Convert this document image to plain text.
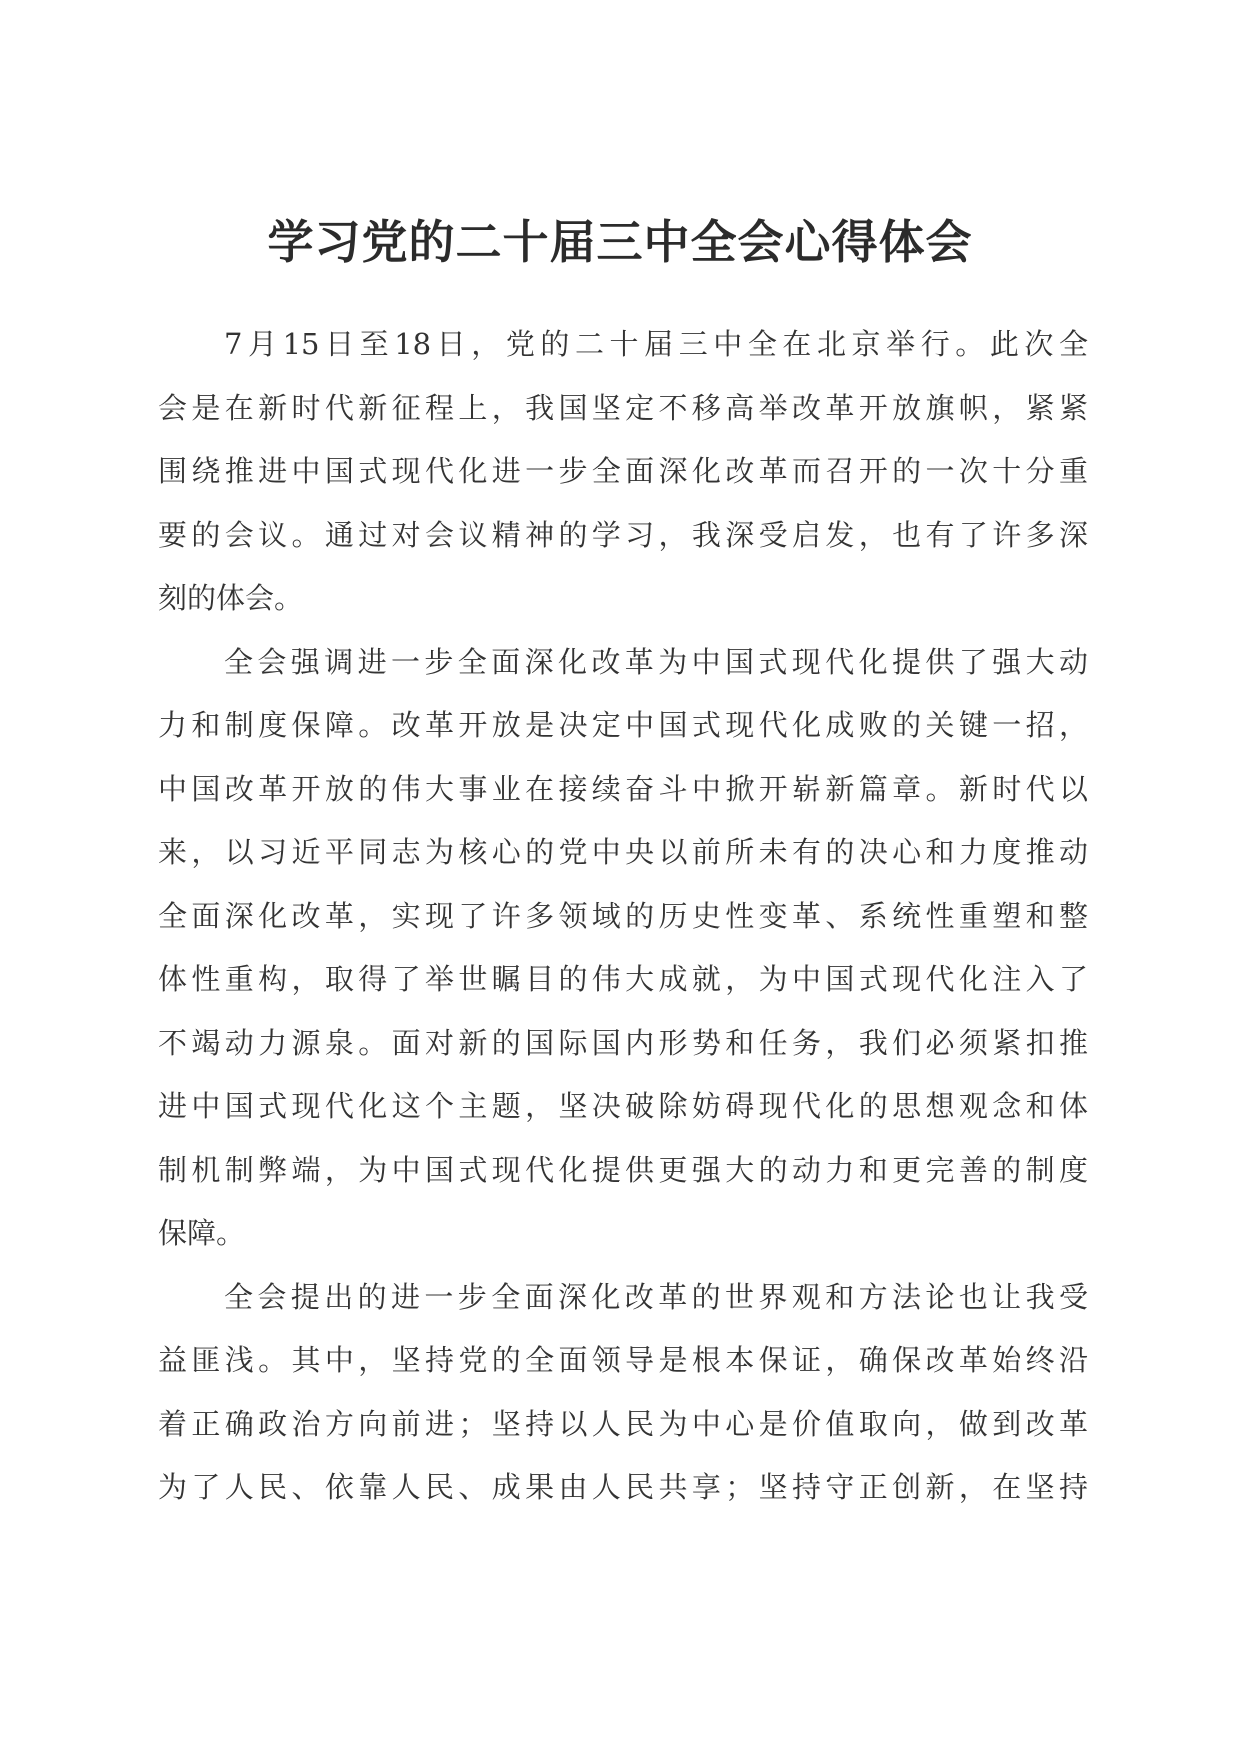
学习党的二十届三中全会心得体会
7月15日至18日，党的二十届三中全在北京举行。此次全
会是在新时代新征程上，我国坚定不移高举改革开放旗帜，紧紧
围绕推进中国式现代化进一步全面深化改革而召开的一次十分重
要的会议。通过对会议精神的学习，我深受启发，也有了许多深
刻的体会。
全会强调进一步全面深化改革为中国式现代化提供了强大动
力和制度保障。改革开放是决定中国式现代化成败的关键一招，
中国改革开放的伟大事业在接续奋斗中掀开崭新篇章。新时代以
来，以习近平同志为核心的党中央以前所未有的决心和力度推动
全面深化改革，实现了许多领域的历史性变革、系统性重塑和整
体性重构，取得了举世瞩目的伟大成就，为中国式现代化注入了
不竭动力源泉。面对新的国际国内形势和任务，我们必须紧扣推
进中国式现代化这个主题，坚决破除妨碍现代化的思想观念和体
制机制弊端，为中国式现代化提供更强大的动力和更完善的制度
保障。
全会提出的进一步全面深化改革的世界观和方法论也让我受
益匪浅。其中，坚持党的全面领导是根本保证，确保改革始终沿
着正确政治方向前进；坚持以人民为中心是价值取向，做到改革
为了人民、依靠人民、成果由人民共享；坚持守正创新，在坚持
